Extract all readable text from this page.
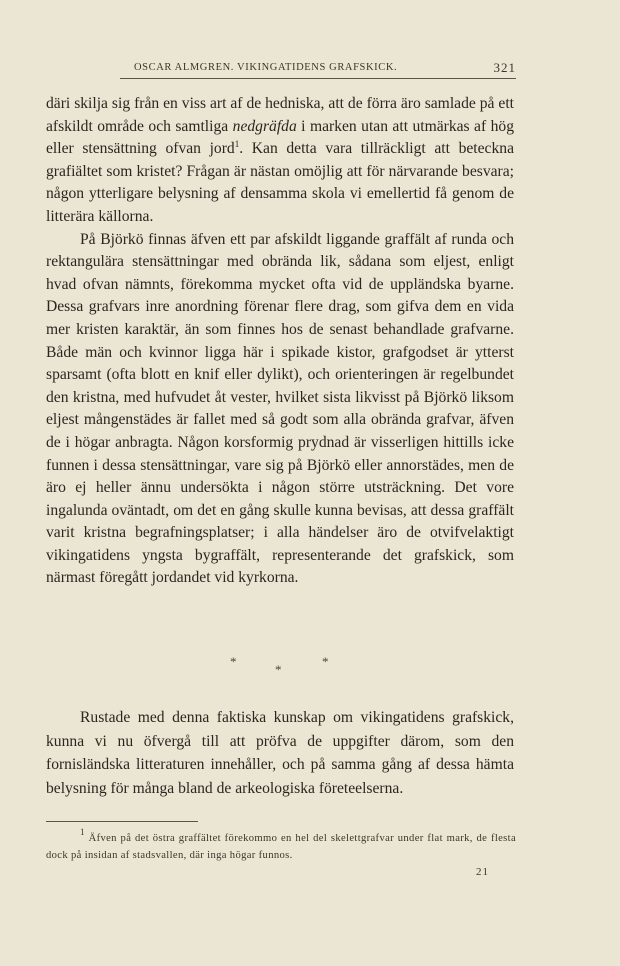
OSCAR ALMGREN. VIKINGATIDENS GRAFSKICK.	321

däri skilja sig från en viss art af de hedniska, att de förra äro samlade på ett afskildt område och samtliga nedgräfda i marken utan att utmärkas af hög eller stensättning ofvan jord$^1$. Kan detta vara tillräckligt att beteckna grafiältet som kristet? Frågan är nästan omöjlig att för närvarande besvara; någon ytterligare belysning af densamma skola vi emellertid få genom de litterära källorna.

På Björkö finnas äfven ett par afskildt liggande graffält af runda och rektangulära stensättningar med obrända lik, sådana som eljest, enligt hvad ofvan nämnts, förekomma mycket ofta vid de uppländska byarne. Dessa grafvars inre anordning förenar flere drag, som gifva dem en vida mer kristen karaktär, än som finnes hos de senast behandlade grafvarne. Både män och kvinnor ligga här i spikade kistor, grafgodset är ytterst sparsamt (ofta blott en knif eller dylikt), och orienteringen är regelbundet den kristna, med hufvudet åt vester, hvilket sista likvisst på Björkö liksom eljest mångenstädes är fallet med så godt som alla obrända grafvar, äfven de i högar anbragta. Någon korsformig prydnad är visserligen hittills icke funnen i dessa stensättningar, vare sig på Björkö eller annorstädes, men de äro ej heller ännu undersökta i någon större utsträckning. Det vore ingalunda oväntadt, om det en gång skulle kunna bevisas, att dessa graffält varit kristna begrafningsplatser; i alla händelser äro de otvifvelaktigt vikingatidens yngsta bygraffält, representerande det grafskick, som närmast föregått jordandet vid kyrkorna.

*
*
*

Rustade med denna faktiska kunskap om vikingatidens grafskick, kunna vi nu öfvergå till att pröfva de uppgifter därom, som den fornisländska litteraturen innehåller, och på samma gång af dessa hämta belysning för många bland de arkeologiska företeelserna.

$^1$ Äfven på det östra graffältet förekommo en hel del skelettgrafvar under flat mark, de flesta dock på insidan af stadsvallen, där inga högar funnos.

21
